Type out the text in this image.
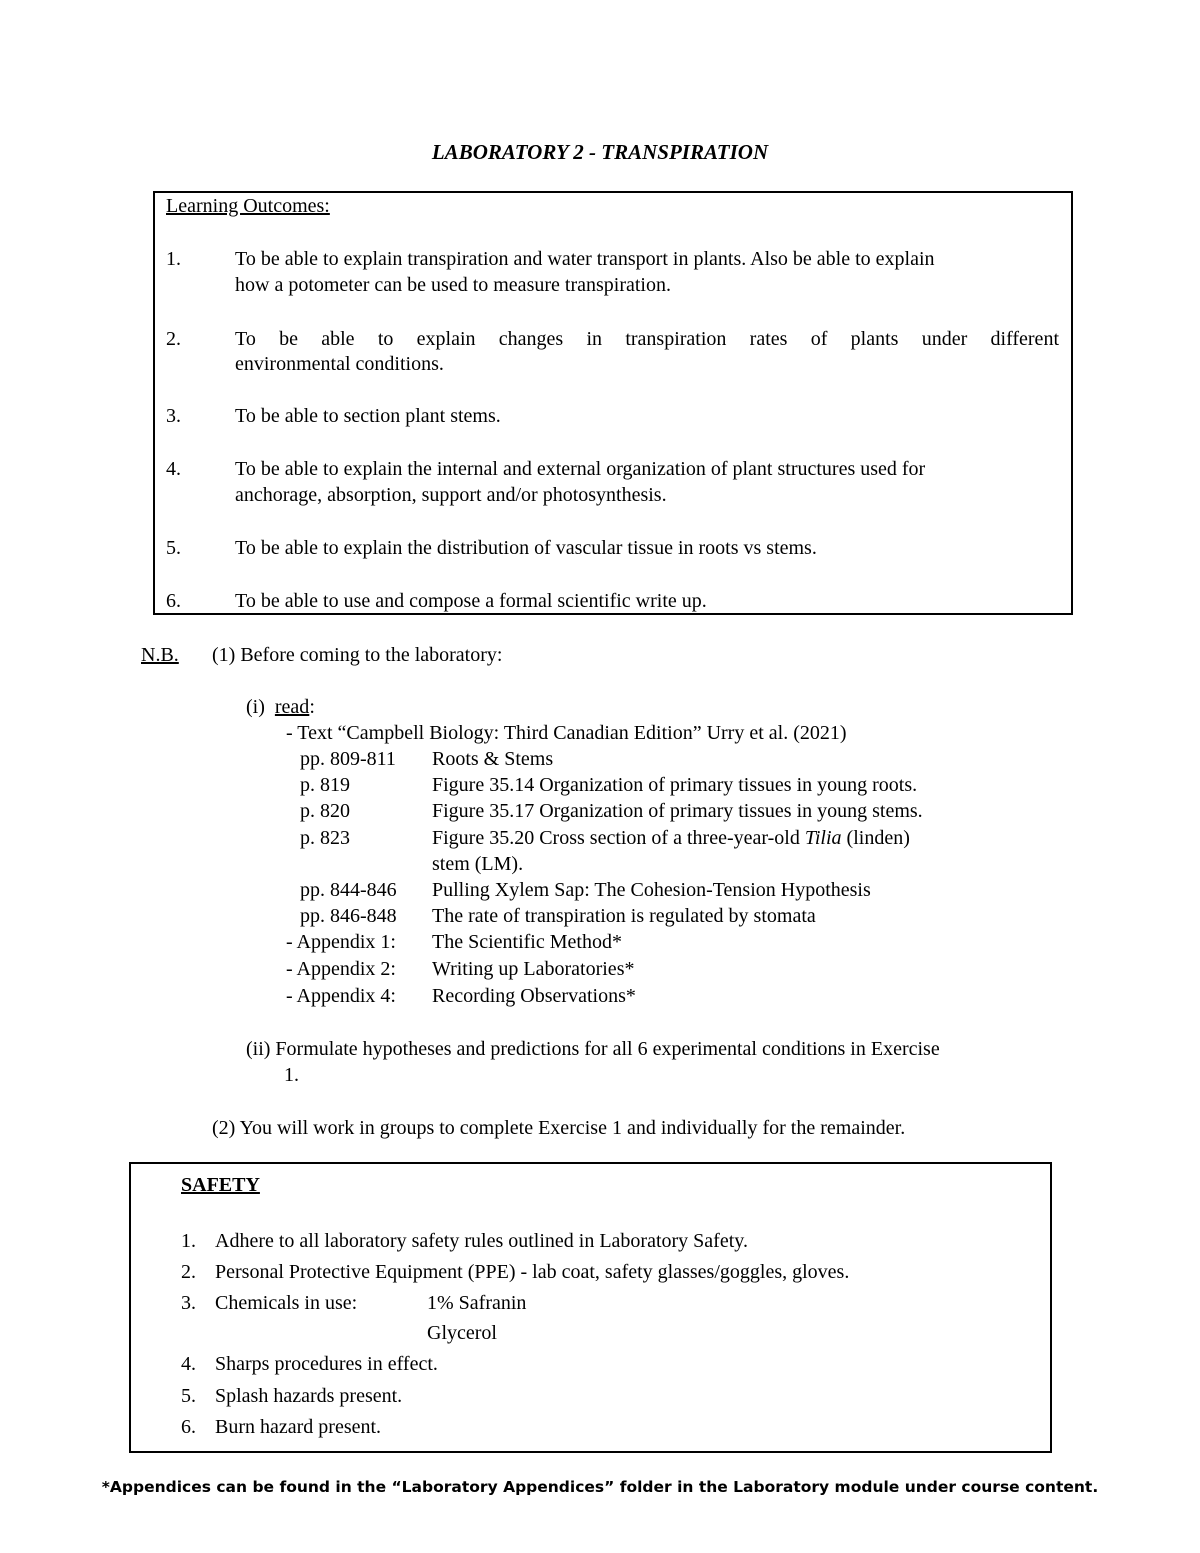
LABORATORY 2 - TRANSPIRATION
Learning Outcomes:
1.	To be able to explain transpiration and water transport in plants. Also be able to explain
how a potometer can be used to measure transpiration.
2.	To be able to explain changes in transpiration rates of plants under different
environmental conditions.
3.	To be able to section plant stems.
4.	To be able to explain the internal and external organization of plant structures used for
anchorage, absorption, support and/or photosynthesis.
5.	To be able to explain the distribution of vascular tissue in roots vs stems.
6.	To be able to use and compose a formal scientific write up.
N.B. (1) Before coming to the laboratory:
(i) read:
- Text “Campbell Biology: Third Canadian Edition” Urry et al. (2021)
pp. 809-811 Roots & Stems
p. 819	Figure 35.14 Organization of primary tissues in young roots.
p. 820	Figure 35.17 Organization of primary tissues in young stems.
p. 823	Figure 35.20 Cross section of a three-year-old Tilia (linden)
stem (LM).
pp. 844-846 Pulling Xylem Sap: The Cohesion-Tension Hypothesis
pp. 846-848 The rate of transpiration is regulated by stomata
- Appendix 1: The Scientific Method*
- Appendix 2: Writing up Laboratories*
- Appendix 4: Recording Observations*
(ii) Formulate hypotheses and predictions for all 6 experimental conditions in Exercise
1.
(2) You will work in groups to complete Exercise 1 and individually for the remainder.
SAFETY
1. Adhere to all laboratory safety rules outlined in Laboratory Safety.
2. Personal Protective Equipment (PPE) - lab coat, safety glasses/goggles, gloves.
3. Chemicals in use:	1% Safranin
Glycerol
4. Sharps procedures in effect.
5. Splash hazards present.
6. Burn hazard present.
*Appendices can be found in the “Laboratory Appendices” folder in the Laboratory module under course content.
